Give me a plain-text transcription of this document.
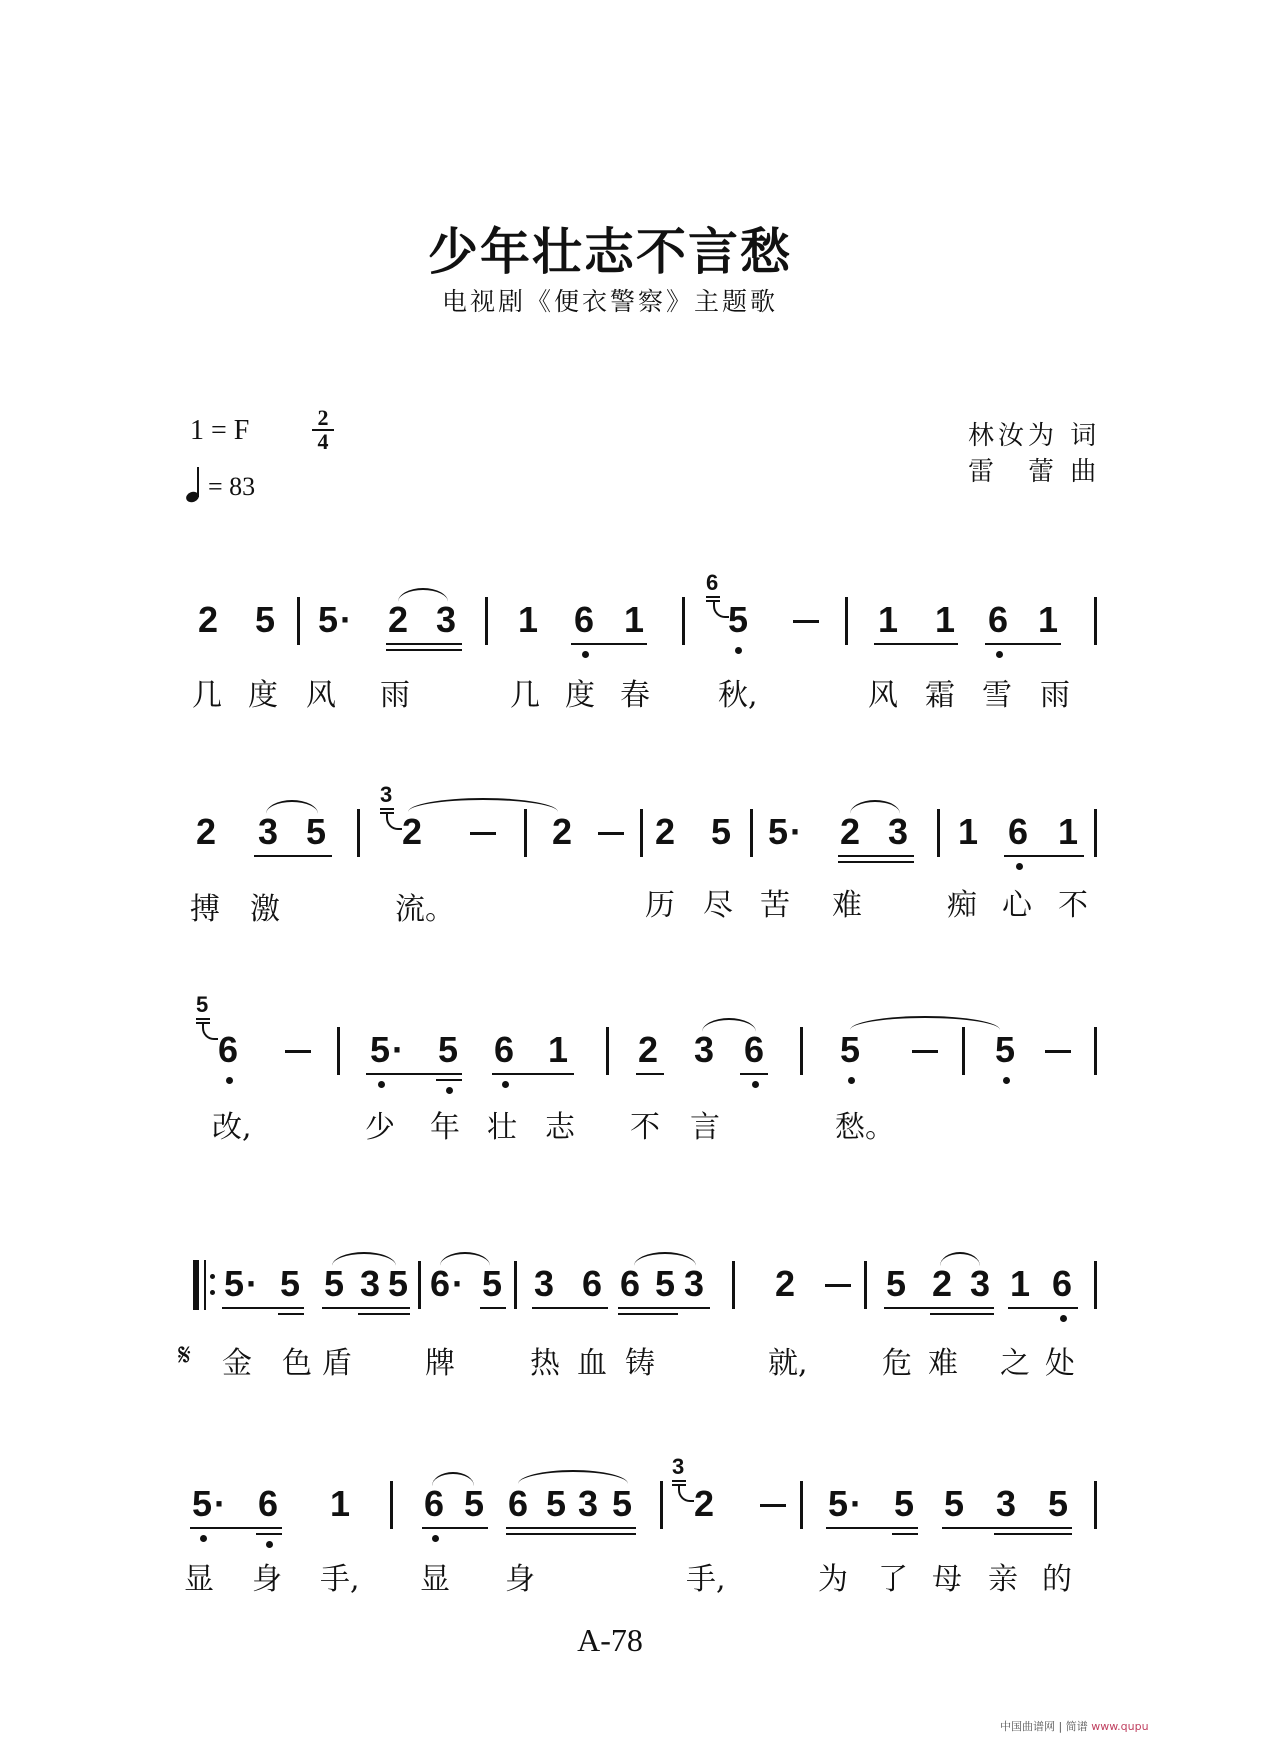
少年壮志不言愁
电视剧《便衣警察》主题歌
1 = F	2
4
= 83
林汝为 词
雷　蕾 曲
2 5 5 · 2 3 1 6 1
6
5	1 1 6 1
几 度 风 雨	几 度 春 秋,	风 霜 雪 雨
2 3 5
3
2	2 2 5 5 · 2 3 1 6 1
搏 激	流。	历 尽 苦 难	痴 心 不
5
6	5 · 5 6 1 2 3 6 5	5
改,	少 年 壮 志 不 言	愁。
5 · 5 5 3 5 6 · 5 3 6 6 5 3 2	5 2 3 1 6
𝄋 金 色 盾 牌	热 血 铸	就, 危 难 之 处
5 · 6 1 6 5 6 5 3 5
3
2	5 · 5 5 3 5
显 身 手, 显 身	手,	为 了 母 亲 的
A-78
中国曲谱网 | 简谱 www.qupu
